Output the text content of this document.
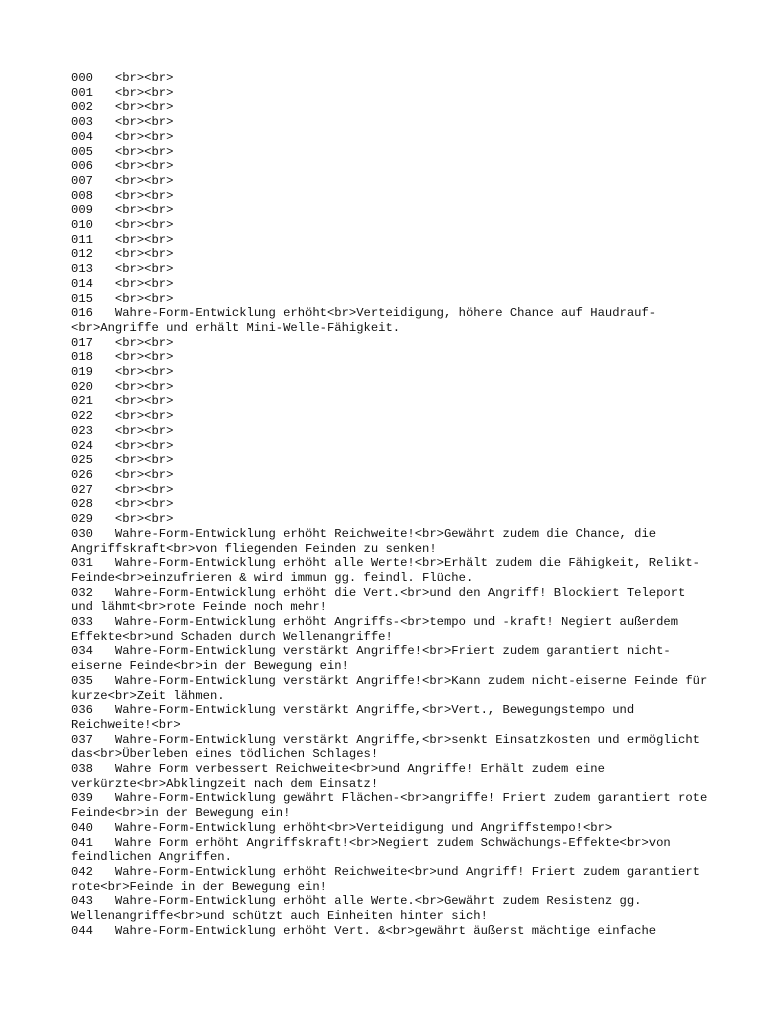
000   <br><br>

001   <br><br>

002   <br><br>

003   <br><br>

004   <br><br>

005   <br><br>

006   <br><br>

007   <br><br>

008   <br><br>

009   <br><br>

010   <br><br>

011   <br><br>

012   <br><br>

013   <br><br>

014   <br><br>

015   <br><br>

016   Wahre-Form-Entwicklung erhöht<br>Verteidigung, höhere Chance auf Haudrauf-<br>Angriffe und erhält Mini-Welle-Fähigkeit.

017   <br><br>

018   <br><br>

019   <br><br>

020   <br><br>

021   <br><br>

022   <br><br>

023   <br><br>

024   <br><br>

025   <br><br>

026   <br><br>

027   <br><br>

028   <br><br>

029   <br><br>

030   Wahre-Form-Entwicklung erhöht Reichweite!<br>Gewährt zudem die Chance, die Angriffskraft<br>von fliegenden Feinden zu senken!

031   Wahre-Form-Entwicklung erhöht alle Werte!<br>Erhält zudem die Fähigkeit, Relikt-Feinde<br>einzufrieren & wird immun gg. feindl. Flüche.

032   Wahre-Form-Entwicklung erhöht die Vert.<br>und den Angriff! Blockiert Teleport und lähmt<br>rote Feinde noch mehr!

033   Wahre-Form-Entwicklung erhöht Angriffs-<br>tempo und -kraft! Negiert außerdem Effekte<br>und Schaden durch Wellenangriffe!

034   Wahre-Form-Entwicklung verstärkt Angriffe!<br>Friert zudem garantiert nicht-eiserne Feinde<br>in der Bewegung ein!

035   Wahre-Form-Entwicklung verstärkt Angriffe!<br>Kann zudem nicht-eiserne Feinde für kurze<br>Zeit lähmen.

036   Wahre-Form-Entwicklung verstärkt Angriffe,<br>Vert., Bewegungstempo und Reichweite!<br>

037   Wahre-Form-Entwicklung verstärkt Angriffe,<br>senkt Einsatzkosten und ermöglicht das<br>Überleben eines tödlichen Schlages!

038   Wahre Form verbessert Reichweite<br>und Angriffe! Erhält zudem eine verkürzte<br>Abklingzeit nach dem Einsatz!

039   Wahre-Form-Entwicklung gewährt Flächen-<br>angriffe! Friert zudem garantiert rote Feinde<br>in der Bewegung ein!

040   Wahre-Form-Entwicklung erhöht<br>Verteidigung und Angriffstempo!<br>

041   Wahre Form erhöht Angriffskraft!<br>Negiert zudem Schwächungs-Effekte<br>von feindlichen Angriffen.

042   Wahre-Form-Entwicklung erhöht Reichweite<br>und Angriff! Friert zudem garantiert rote<br>Feinde in der Bewegung ein!

043   Wahre-Form-Entwicklung erhöht alle Werte.<br>Gewährt zudem Resistenz gg. Wellenangriffe<br>und schützt auch Einheiten hinter sich!

044   Wahre-Form-Entwicklung erhöht Vert. &<br>gewährt äußerst mächtige einfache
